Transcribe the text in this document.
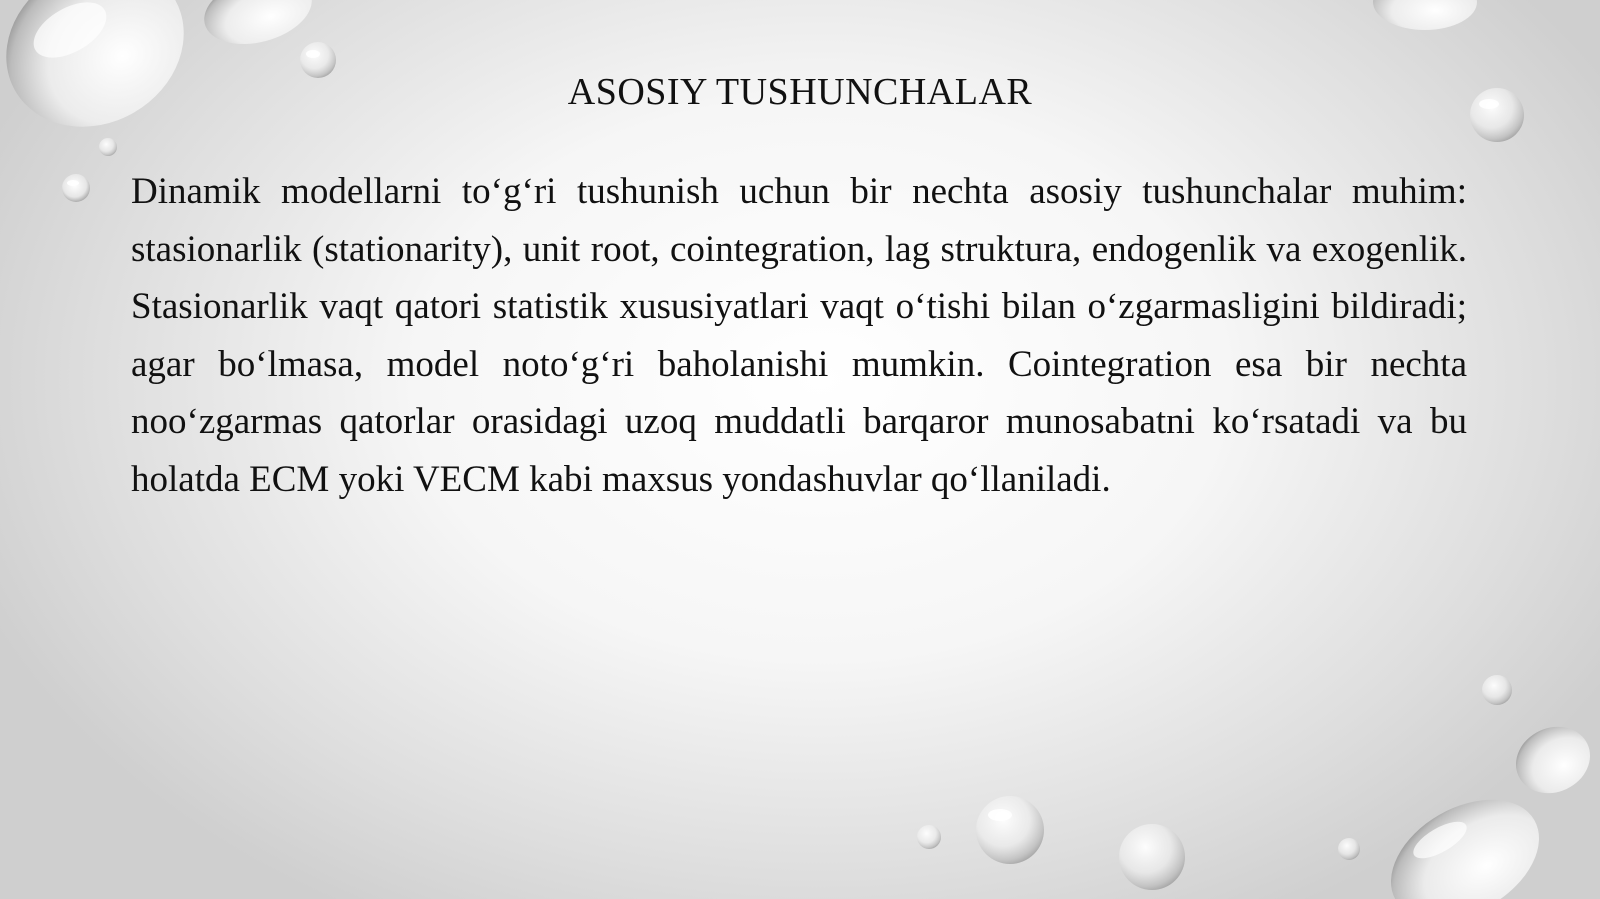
ASOSIY TUSHUNCHALAR

Dinamik modellarni to‘g‘ri tushunish uchun bir nechta asosiy tushunchalar muhim: stasionarlik (stationarity), unit root, cointegration, lag struktura, endogenlik va exogenlik. Stasionarlik vaqt qatori statistik xususiyatlari vaqt o‘tishi bilan o‘zgarmasligini bildiradi; agar bo‘lmasa, model noto‘g‘ri baholanishi mumkin. Cointegration esa bir nechta noo‘zgarmas qatorlar orasidagi uzoq muddatli barqaror munosabatni ko‘rsatadi va bu holatda ECM yoki VECM kabi maxsus yondashuvlar qo‘llaniladi.
